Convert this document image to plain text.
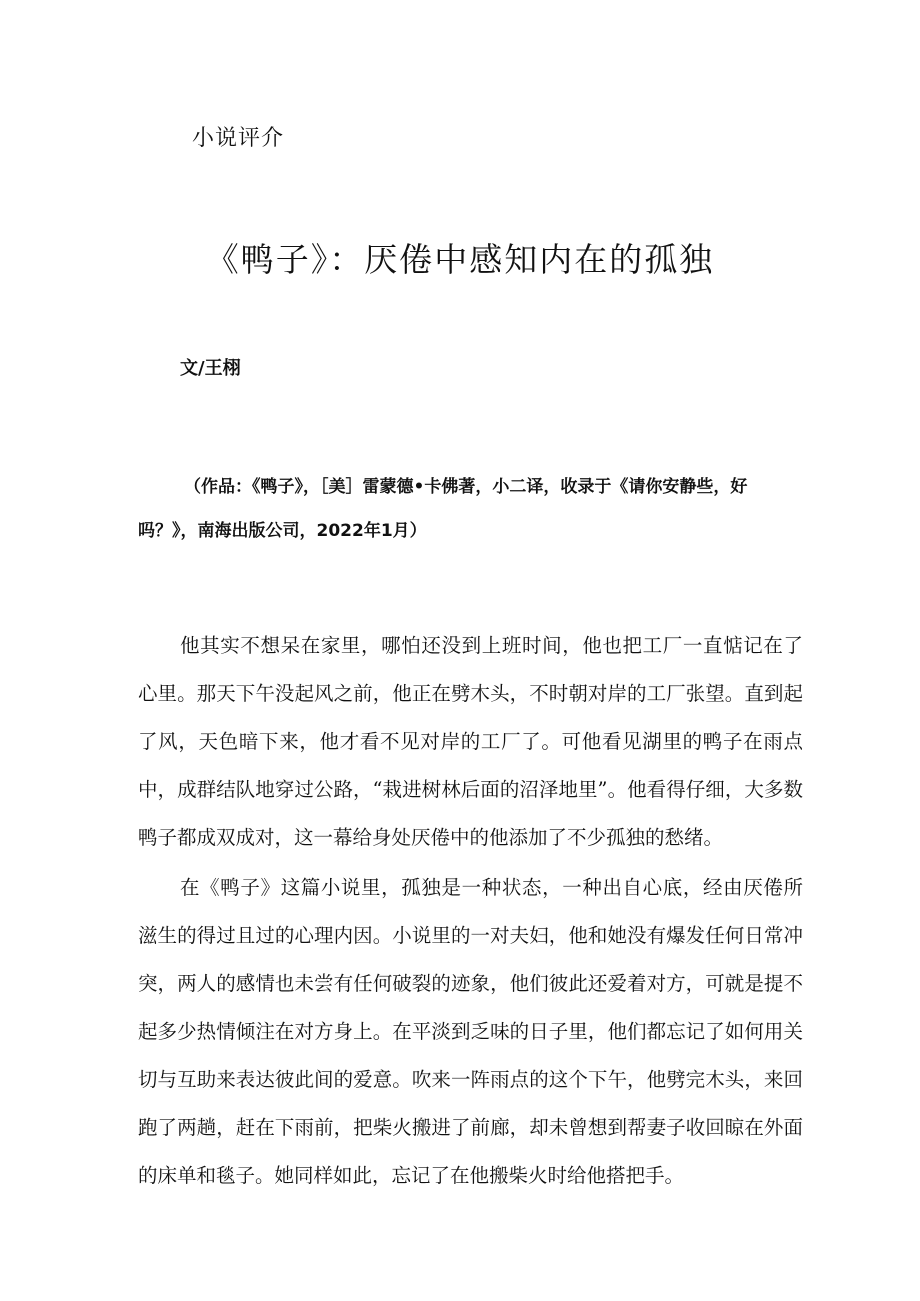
小说评介
《鸭子》：厌倦中感知内在的孤独
文/王栩

（作品：《鸭子》，［美］雷蒙德•卡佛著，小二译，收录于《请你安静些，好吗？》，南海出版公司，2022年1月）

他其实不想呆在家里，哪怕还没到上班时间，他也把工厂一直惦记在了心里。那天下午没起风之前，他正在劈木头，不时朝对岸的工厂张望。直到起了风，天色暗下来，他才看不见对岸的工厂了。可他看见湖里的鸭子在雨点中，成群结队地穿过公路，“栽进树林后面的沼泽地里”。他看得仔细，大多数鸭子都成双成对，这一幕给身处厌倦中的他添加了不少孤独的愁绪。

在《鸭子》这篇小说里，孤独是一种状态，一种出自心底，经由厌倦所滋生的得过且过的心理内因。小说里的一对夫妇，他和她没有爆发任何日常冲突，两人的感情也未尝有任何破裂的迹象，他们彼此还爱着对方，可就是提不起多少热情倾注在对方身上。在平淡到乏味的日子里，他们都忘记了如何用关切与互助来表达彼此间的爱意。吹来一阵雨点的这个下午，他劈完木头，来回跑了两趟，赶在下雨前，把柴火搬进了前廊，却未曾想到帮妻子收回晾在外面的床单和毯子。她同样如此，忘记了在他搬柴火时给他搭把手。
